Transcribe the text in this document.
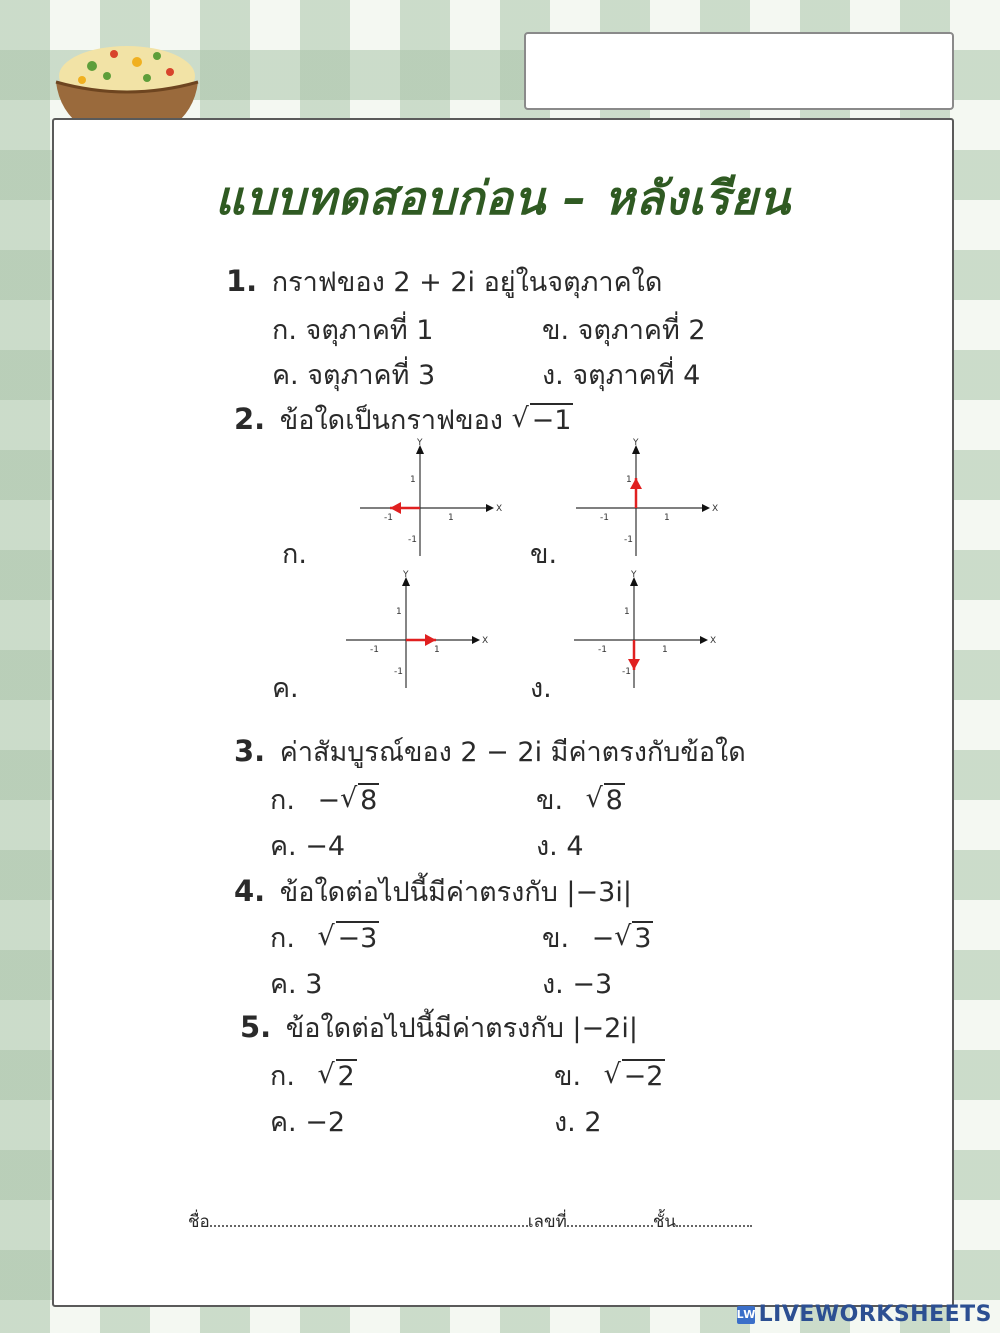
แบบทดสอบก่อน – หลังเรียน
1. กราฟของ 2 + 2i อยู่ในจตุภาคใด
ก. จตุภาคที่ 1	ข. จตุภาคที่ 2
ค. จตุภาคที่ 3	ง. จตุภาคที่ 4
2. ข้อใดเป็นกราฟของ √ −1
ก.	ข.
ค.	ง.
X
Y
1
-1
1
-1
X
Y
1
-1
1
-1
X
Y
1
-1
1
-1
X
Y
1
-1
1
-1
3. ค่าสัมบูรณ์ของ 2 − 2i มีค่าตรงกับข้อใด
ก. − √ 8	ข. √ 8
ค. −4	ง. 4
4. ข้อใดต่อไปนี้มีค่าตรงกับ |−3i|
ก. √ −3	ข. − √ 3
ค. 3	ง. −3
5. ข้อใดต่อไปนี้มีค่าตรงกับ |−2i|
ก. √ 2	ข. √ −2
ค. −2	ง. 2
ชื่อ	เลขที่	ชั้น
LW LIVEWORKSHEETS
